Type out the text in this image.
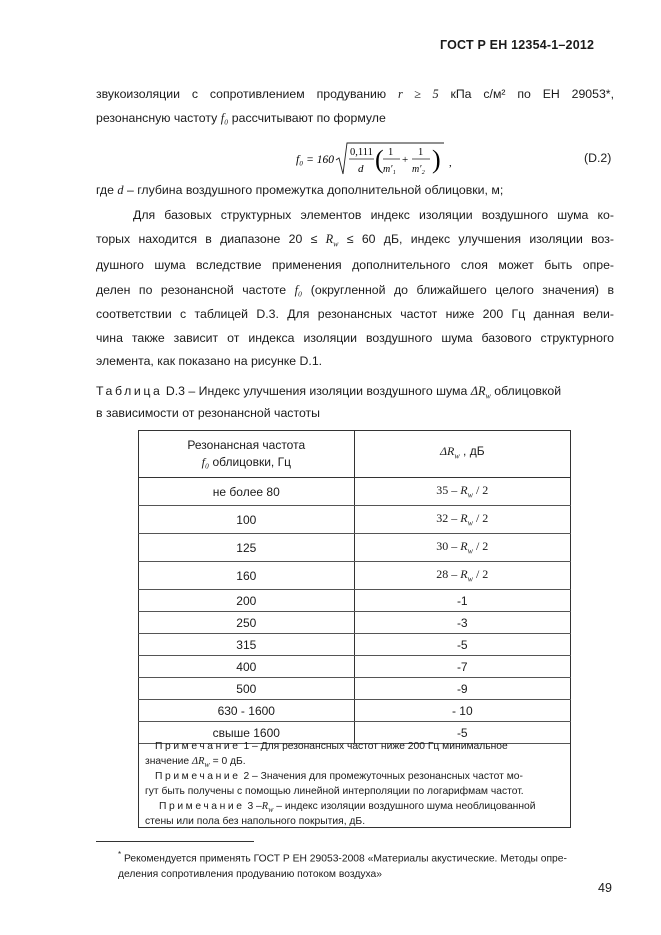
ГОСТ Р ЕН 12354-1–2012
звукоизоляции с сопротивлением продуванию r ≥ 5 кПа с/м² по ЕН 29053*,
резонансную частоту f₀ рассчитывают по формуле
f₀ = 160
0,111
d ( 1
m′₁
+
1
m′₂ ) ,	(D.2)
где d – глубина воздушного промежутка дополнительной облицовки, м;
Для базовых структурных элементов индекс изоляции воздушного шума ко-
торых находится в диапазоне $20 \le R_w \le 60$ дБ, индекс улучшения изоляции воз-
душного шума вследствие применения дополнительного слоя может быть опре-
делен по резонансной частоте f₀ (округленной до ближайшего целого значения) в
соответствии с таблицей D.3. Для резонансных частот ниже 200 Гц данная вели-
чина также зависит от индекса изоляции воздушного шума базового структурного
элемента, как показано на рисунке D.1.
Таблица D.3 – Индекс улучшения изоляции воздушного шума $\Delta R_w$ облицовкой
в зависимости от резонансной частоты
Резонансная частота
f₀ облицовки, Гц	$\Delta R_w$ , дБ
не более 80	$35 - R_w / 2$
100	$32 - R_w / 2$
125	$30 - R_w / 2$
160	$28 - R_w / 2$
200	-1
250	-3
315	-5
400	-7
500	-9
630 - 1600	- 10
свыше 1600	-5
Примечание 1 – Для резонансных частот ниже 200 Гц минимальное
значение $\Delta R_w = 0$ дБ.
Примечание 2 – Значения для промежуточных резонансных частот мо-
гут быть получены с помощью линейной интерполяции по логарифмам частот.
Примечание 3 $-R_w$ – индекс изоляции воздушного шума необлицованной
стены или пола без напольного покрытия, дБ.
* Рекомендуется применять ГОСТ Р ЕН 29053-2008 «Материалы акустические. Методы опре-
деления сопротивления продуванию потоком воздуха»
49
